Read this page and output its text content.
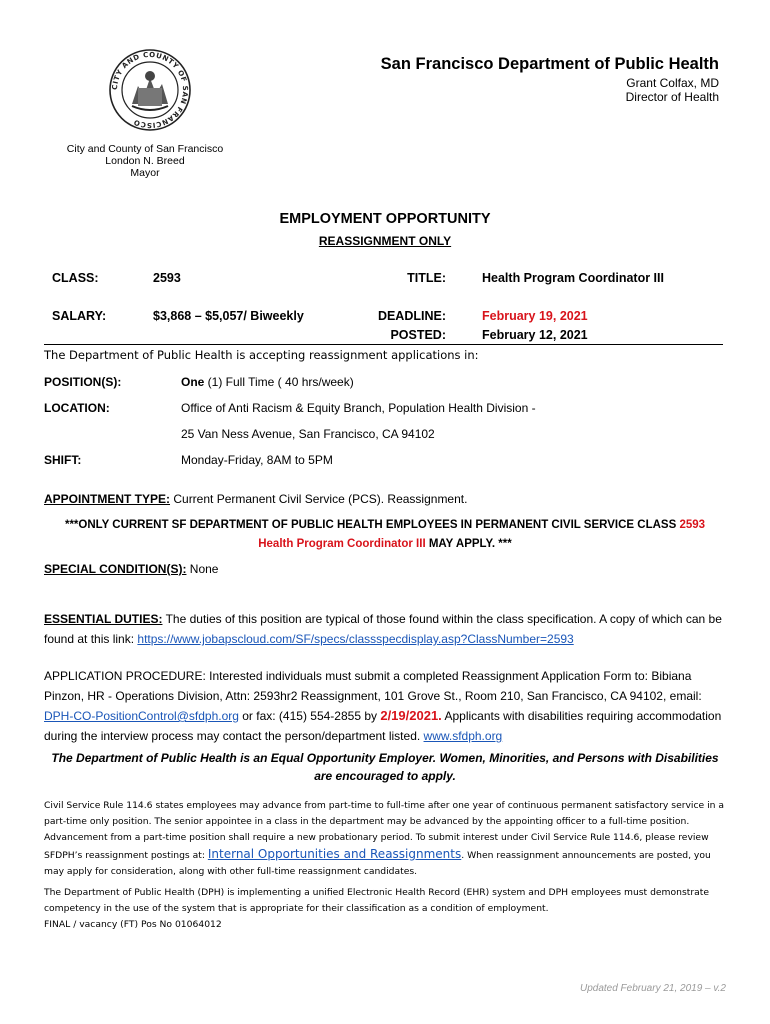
CITY AND COUNTY OF SAN FRANCISCO
San Francisco Department of Public Health
Grant Colfax, MD
Director of Health
City and County of San Francisco
London N. Breed
Mayor
EMPLOYMENT OPPORTUNITY
REASSIGNMENT ONLY
CLASS:	2593	TITLE:	Health Program Coordinator III
SALARY:	$3,868 – $5,057/ Biweekly	DEADLINE:	February 19, 2021
POSTED:	February 12, 2021
The Department of Public Health is accepting reassignment applications in:
POSITION(S):	One (1) Full Time ( 40 hrs/week)
LOCATION:	Office of Anti Racism & Equity Branch, Population Health Division -
25 Van Ness Avenue, San Francisco, CA 94102
SHIFT:	Monday-Friday, 8AM to 5PM
APPOINTMENT TYPE: Current Permanent Civil Service (PCS). Reassignment.
***ONLY CURRENT SF DEPARTMENT OF PUBLIC HEALTH EMPLOYEES IN PERMANENT CIVIL SERVICE CLASS 2593
Health Program Coordinator III MAY APPLY. ***
SPECIAL CONDITION(S): None
ESSENTIAL DUTIES: The duties of this position are typical of those found within the class specification. A copy of which can be found at this link: https://www.jobapscloud.com/SF/specs/classspecdisplay.asp?ClassNumber=2593
APPLICATION PROCEDURE: Interested individuals must submit a completed Reassignment Application Form to: Bibiana Pinzon, HR - Operations Division, Attn: 2593hr2 Reassignment, 101 Grove St., Room 210, San Francisco, CA 94102, email: DPH-CO-PositionControl@sfdph.org or fax: (415) 554-2855 by 2/19/2021. Applicants with disabilities requiring accommodation during the interview process may contact the person/department listed. www.sfdph.org
The Department of Public Health is an Equal Opportunity Employer. Women, Minorities, and Persons with Disabilities are encouraged to apply.
Civil Service Rule 114.6 states employees may advance from part-time to full-time after one year of continuous permanent satisfactory service in a part-time only position. The senior appointee in a class in the department may be advanced by the appointing officer to a full-time position. Advancement from a part-time position shall require a new probationary period. To submit interest under Civil Service Rule 114.6, please review SFDPH’s reassignment postings at: Internal Opportunities and Reassignments. When reassignment announcements are posted, you may apply for consideration, along with other full-time reassignment candidates.
The Department of Public Health (DPH) is implementing a unified Electronic Health Record (EHR) system and DPH employees must demonstrate competency in the use of the system that is appropriate for their classification as a condition of employment.
FINAL / vacancy (FT) Pos No 01064012
Updated February 21, 2019 – v.2
